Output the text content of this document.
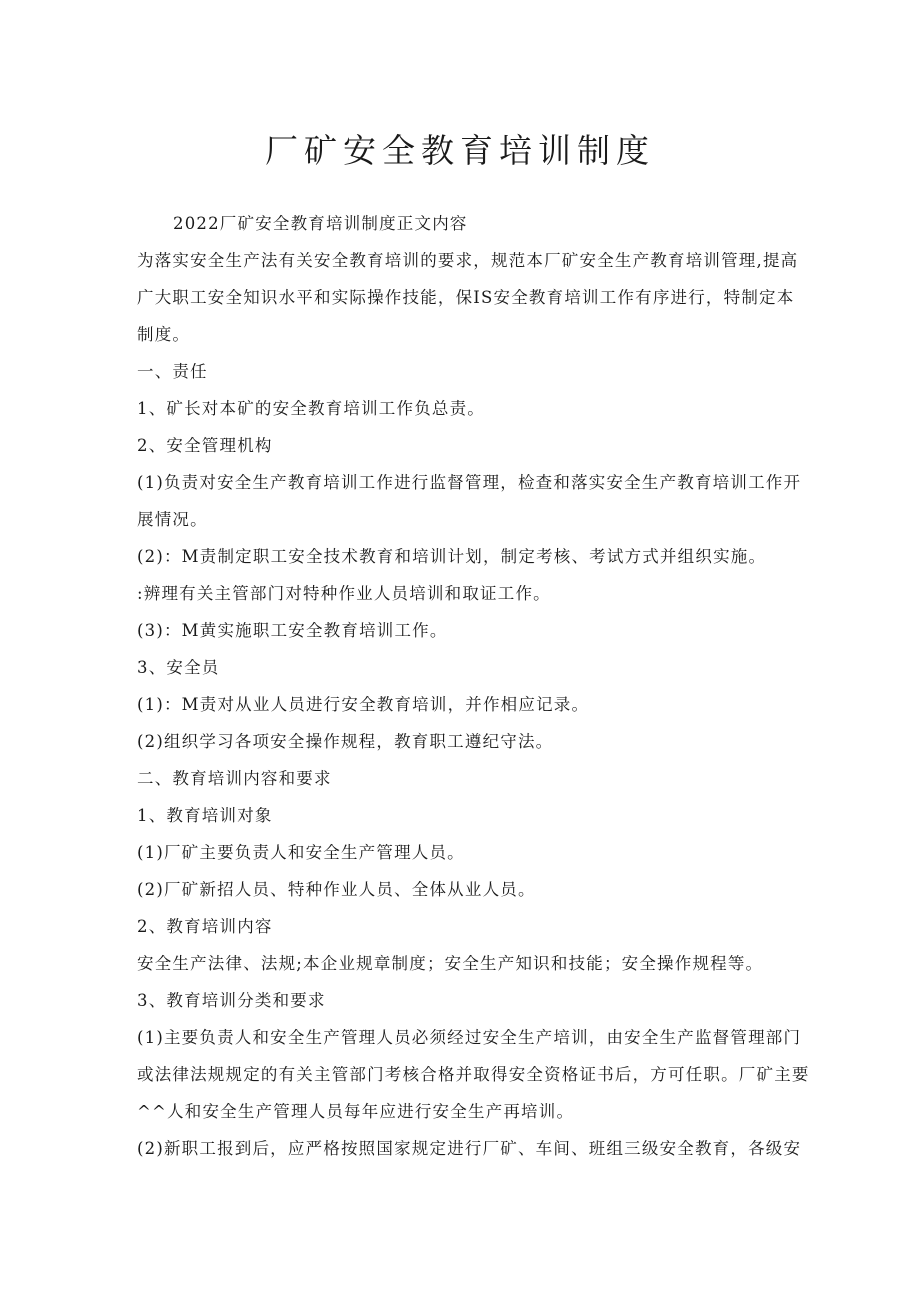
厂矿安全教育培训制度

2022厂矿安全教育培训制度正文内容

为落实安全生产法有关安全教育培训的要求，规范本厂矿安全生产教育培训管理,提高

广大职工安全知识水平和实际操作技能，保IS安全教育培训工作有序进行，特制定本

制度。

一、责任

1、矿长对本矿的安全教育培训工作负总责。

2、安全管理机构

(1)负责对安全生产教育培训工作进行监督管理，检查和落实安全生产教育培训工作开

展情况。

(2)：M责制定职工安全技术教育和培训计划，制定考核、考试方式并组织实施。

:辨理有关主管部门对特种作业人员培训和取证工作。

(3)：M黄实施职工安全教育培训工作。

3、安全员

(1)：M责对从业人员进行安全教育培训，并作相应记录。

(2)组织学习各项安全操作规程，教育职工遵纪守法。

二、教育培训内容和要求

1、教育培训对象

(1)厂矿主要负责人和安全生产管理人员。

(2)厂矿新招人员、特种作业人员、全体从业人员。

2、教育培训内容

安全生产法律、法规;本企业规章制度；安全生产知识和技能；安全操作规程等。

3、教育培训分类和要求

(1)主要负责人和安全生产管理人员必须经过安全生产培训，由安全生产监督管理部门

或法律法规规定的有关主管部门考核合格并取得安全资格证书后，方可任职。厂矿主要

^^人和安全生产管理人员每年应进行安全生产再培训。

(2)新职工报到后，应严格按照国家规定进行厂矿、车间、班组三级安全教育，各级安
